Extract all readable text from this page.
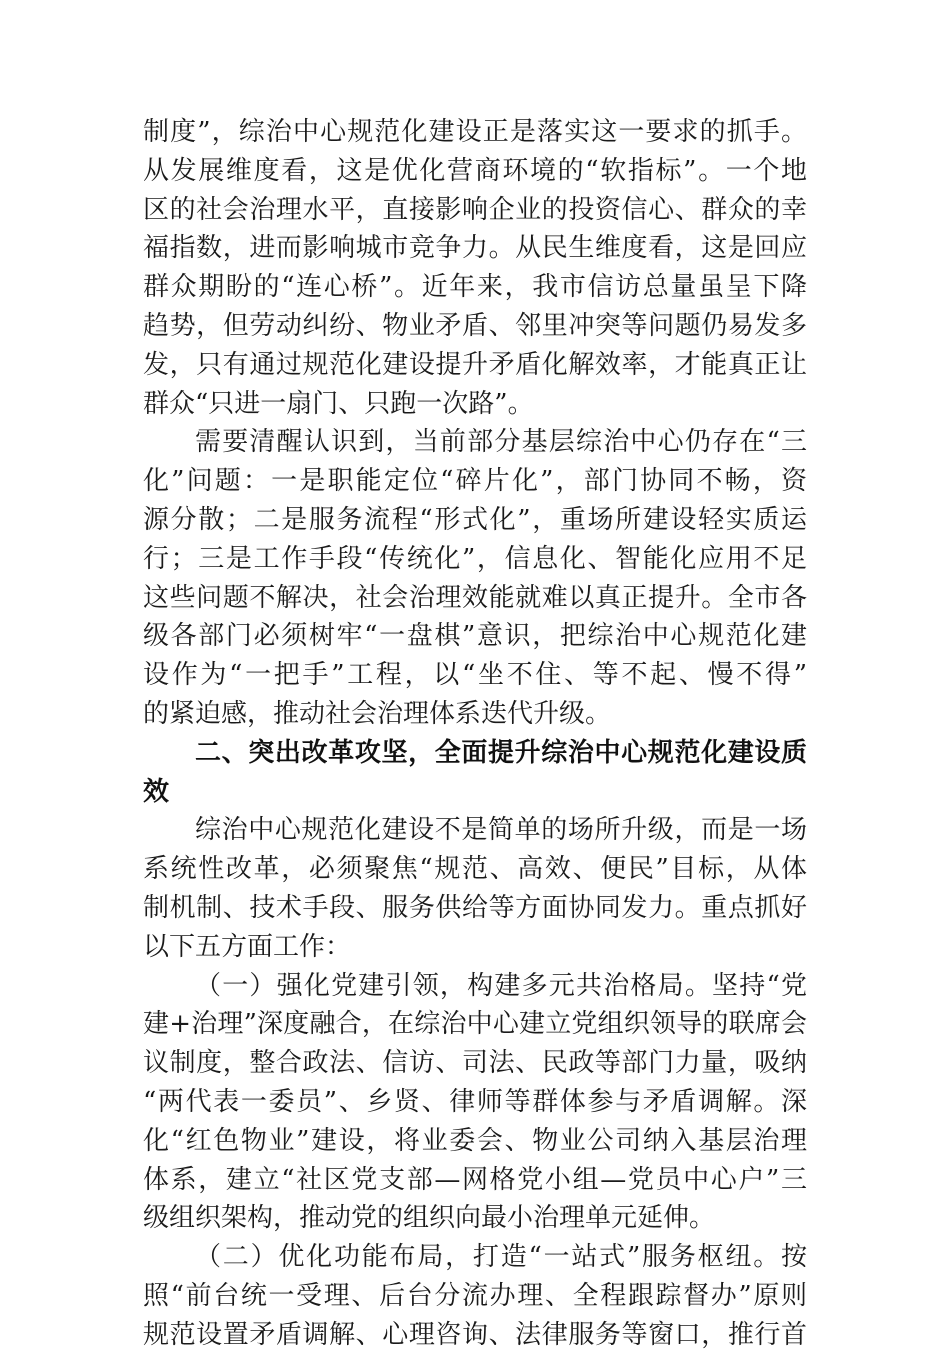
制度”，综治中心规范化建设正是落实这一要求的抓手。
从发展维度看，这是优化营商环境的“软指标”。一个地
区的社会治理水平，直接影响企业的投资信心、群众的幸
福指数，进而影响城市竞争力。从民生维度看，这是回应
群众期盼的“连心桥”。近年来，我市信访总量虽呈下降
趋势，但劳动纠纷、物业矛盾、邻里冲突等问题仍易发多
发，只有通过规范化建设提升矛盾化解效率，才能真正让
群众“只进一扇门、只跑一次路”。
需要清醒认识到，当前部分基层综治中心仍存在“三
化”问题：一是职能定位“碎片化”，部门协同不畅，资
源分散；二是服务流程“形式化”，重场所建设轻实质运
行；三是工作手段“传统化”，信息化、智能化应用不足
这些问题不解决，社会治理效能就难以真正提升。全市各
级各部门必须树牢“一盘棋”意识，把综治中心规范化建
设作为“一把手”工程，以“坐不住、等不起、慢不得”
的紧迫感，推动社会治理体系迭代升级。
二、突出改革攻坚，全面提升综治中心规范化建设质
效
综治中心规范化建设不是简单的场所升级，而是一场
系统性改革，必须聚焦“规范、高效、便民”目标，从体
制机制、技术手段、服务供给等方面协同发力。重点抓好
以下五方面工作：
（一）强化党建引领，构建多元共治格局。坚持“党
建+治理”深度融合，在综治中心建立党组织领导的联席会
议制度，整合政法、信访、司法、民政等部门力量，吸纳
“两代表一委员”、乡贤、律师等群体参与矛盾调解。深
化“红色物业”建设，将业委会、物业公司纳入基层治理
体系，建立“社区党支部—网格党小组—党员中心户”三
级组织架构，推动党的组织向最小治理单元延伸。
（二）优化功能布局，打造“一站式”服务枢纽。按
照“前台统一受理、后台分流办理、全程跟踪督办”原则
规范设置矛盾调解、心理咨询、法律服务等窗口，推行首
